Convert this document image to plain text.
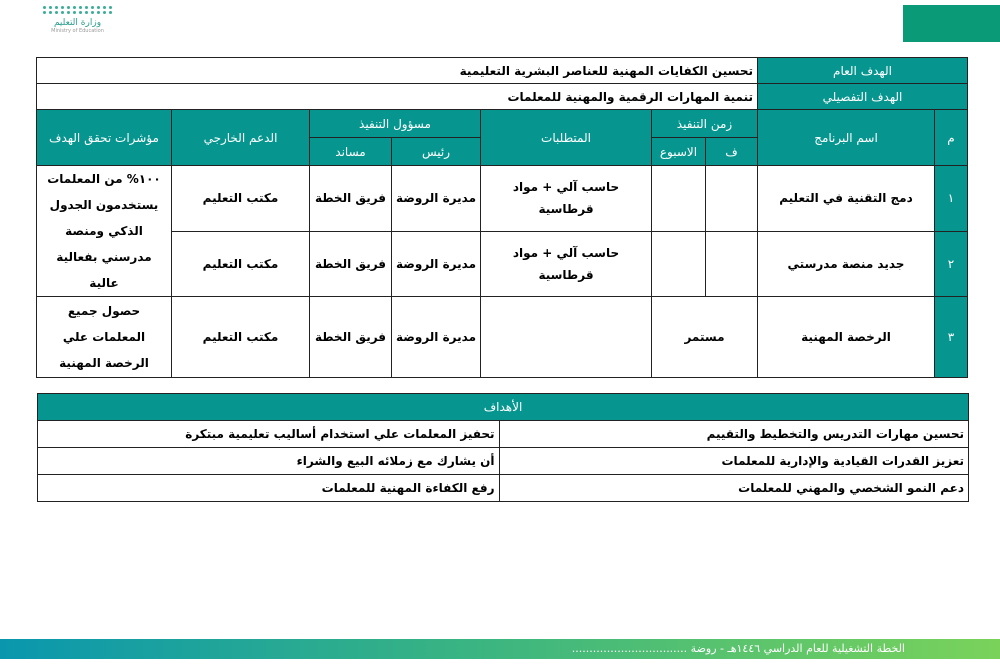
وزارة التعليم
Ministry of Education
الهدف العام		تحسين الكفايات المهنية للعناصر البشرية التعليمية						
الهدف التفصيلي		تنمية المهارات الرقمية والمهنية للمعلمات						
م	اسم البرنامج	زمن التنفيذ		المتطلبات	مسؤول التنفيذ		الدعم الخارجي	مؤشرات تحقق الهدف
		ف	الاسبوع		رئيس	مساند		
١	دمج التقنية في التعليم			حاسب آلي + مواد قرطاسية	مديرة الروضة	فريق الخطة	مكتب التعليم	١٠٠% من المعلمات يستخدمون الجدول الذكي ومنصة مدرسني بفعالية عالية
٢	جديد منصة مدرستي			حاسب آلي + مواد قرطاسية	مديرة الروضة	فريق الخطة	مكتب التعليم	
٣	الرخصة المهنية	مستمر			مديرة الروضة	فريق الخطة	مكتب التعليم	حصول جميع المعلمات علي الرخصة المهنية
الأهداف	
تحسين مهارات التدريس والتخطيط والتقييم	تحفيز المعلمات علي استخدام أساليب تعليمية مبتكرة
تعزيز القدرات القيادية والإدارية للمعلمات	أن يشارك مع زملائه البيع والشراء
دعم النمو الشخصي والمهني للمعلمات	رفع الكفاءة المهنية للمعلمات
الخطة التشغيلية للعام الدراسي ١٤٤٦هـ - روضة .................................
